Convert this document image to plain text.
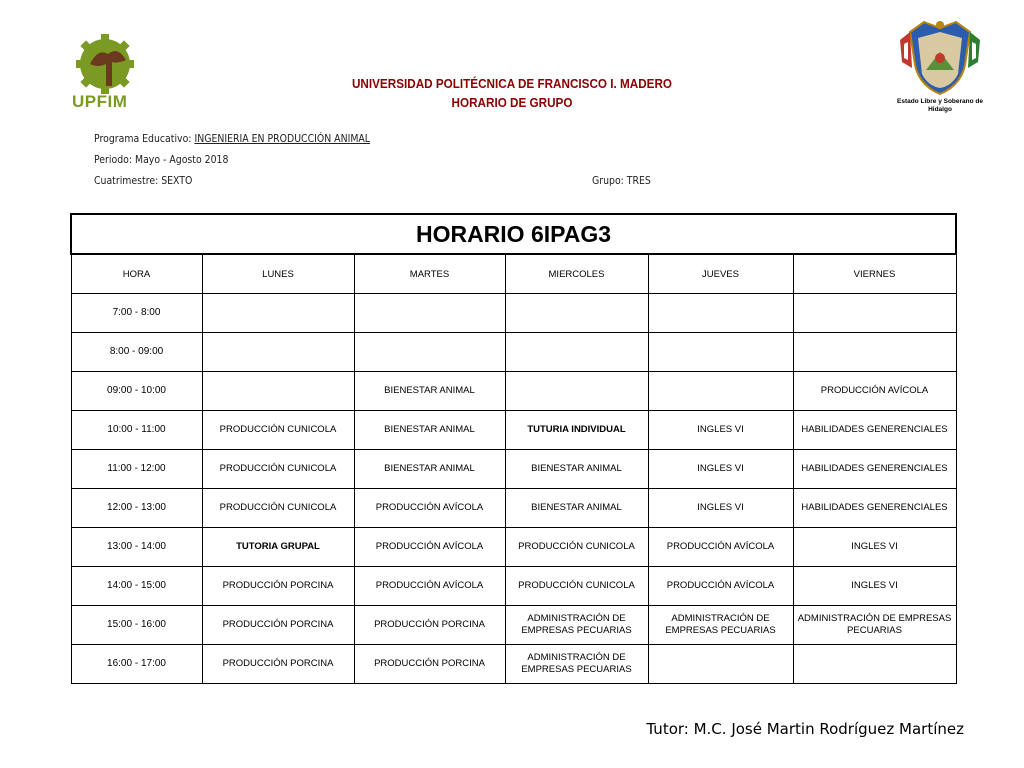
UPFIM	Estado Libre y Soberano de Hidalgo
UNIVERSIDAD POLITÉCNICA DE FRANCISCO I. MADERO
HORARIO DE GRUPO
Programa Educativo: INGENIERIA EN PRODUCCIÓN ANIMAL
Periodo: Mayo - Agosto 2018
Cuatrimestre: SEXTO	Grupo: TRES
HORARIO 6IPAG3					
HORA	LUNES	MARTES	MIERCOLES	JUEVES	VIERNES
7:00 - 8:00					
8:00 - 09:00					
09:00 - 10:00		BIENESTAR ANIMAL			PRODUCCIÓN AVÍCOLA
10:00 - 11:00	PRODUCCIÓN CUNICOLA	BIENESTAR ANIMAL	TUTURIA INDIVIDUAL	INGLES VI	HABILIDADES GENERENCIALES
11:00 - 12:00	PRODUCCIÓN CUNICOLA	BIENESTAR ANIMAL	BIENESTAR ANIMAL	INGLES VI	HABILIDADES GENERENCIALES
12:00 - 13:00	PRODUCCIÓN CUNICOLA	PRODUCCIÓN AVÍCOLA	BIENESTAR ANIMAL	INGLES VI	HABILIDADES GENERENCIALES
13:00 - 14:00	TUTORIA GRUPAL	PRODUCCIÓN AVÍCOLA	PRODUCCIÓN CUNICOLA	PRODUCCIÓN AVÍCOLA	INGLES VI
14:00 - 15:00	PRODUCCIÓN PORCINA	PRODUCCIÓN AVÍCOLA	PRODUCCIÓN CUNICOLA	PRODUCCIÓN AVÍCOLA	INGLES VI
15:00 - 16:00	PRODUCCIÓN PORCINA	PRODUCCIÓN PORCINA	ADMINISTRACIÓN DE EMPRESAS PECUARIAS	ADMINISTRACIÓN DE EMPRESAS PECUARIAS	ADMINISTRACIÓN DE EMPRESAS PECUARIAS
16:00 - 17:00	PRODUCCIÓN PORCINA	PRODUCCIÓN PORCINA	ADMINISTRACIÓN DE EMPRESAS PECUARIAS		
Tutor: M.C. José Martin Rodríguez Martínez
